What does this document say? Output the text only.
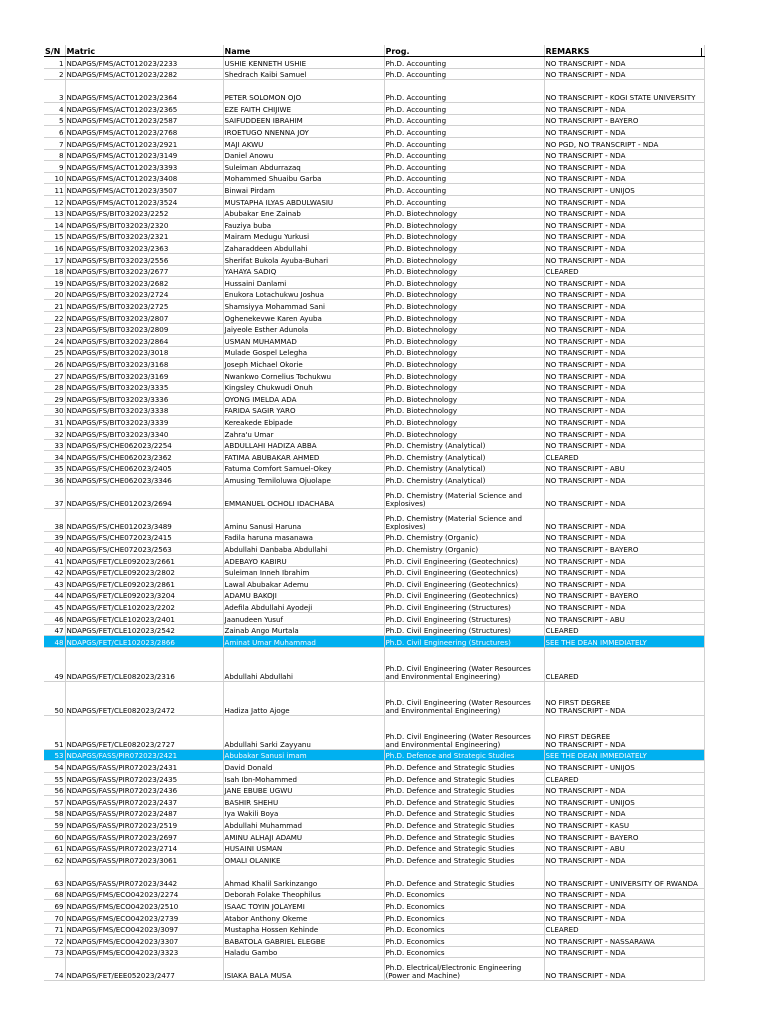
S/N	Matric	Name	Prog.	REMARKS

1	NDAPGS/FMS/ACT012023/2233	USHIE KENNETH USHIE	Ph.D. Accounting	NO TRANSCRIPT - NDA
2	NDAPGS/FMS/ACT012023/2282	Shedrach Kaibi Samuel	Ph.D. Accounting	NO TRANSCRIPT - NDA
3	NDAPGS/FMS/ACT012023/2364	PETER SOLOMON OJO	Ph.D. Accounting	NO TRANSCRIPT - KOGI STATE UNIVERSITY
4	NDAPGS/FMS/ACT012023/2365	EZE FAITH CHIJIWE	Ph.D. Accounting	NO TRANSCRIPT - NDA
5	NDAPGS/FMS/ACT012023/2587	SAIFUDDEEN IBRAHIM	Ph.D. Accounting	NO TRANSCRIPT - BAYERO
6	NDAPGS/FMS/ACT012023/2768	IROETUGO NNENNA JOY	Ph.D. Accounting	NO TRANSCRIPT - NDA
7	NDAPGS/FMS/ACT012023/2921	MAJI AKWU	Ph.D. Accounting	NO PGD, NO TRANSCRIPT - NDA
8	NDAPGS/FMS/ACT012023/3149	Daniel Anowu	Ph.D. Accounting	NO TRANSCRIPT - NDA
9	NDAPGS/FMS/ACT012023/3393	Suleiman Abdurrazaq	Ph.D. Accounting	NO TRANSCRIPT - NDA
10	NDAPGS/FMS/ACT012023/3408	Mohammed Shuaibu Garba	Ph.D. Accounting	NO TRANSCRIPT - NDA
11	NDAPGS/FMS/ACT012023/3507	Binwai Pirdam	Ph.D. Accounting	NO TRANSCRIPT - UNIJOS
12	NDAPGS/FMS/ACT012023/3524	MUSTAPHA ILYAS ABDULWASIU	Ph.D. Accounting	NO TRANSCRIPT - NDA
13	NDAPGS/FS/BIT032023/2252	Abubakar Ene Zainab	Ph.D. Biotechnology	NO TRANSCRIPT - NDA
14	NDAPGS/FS/BIT032023/2320	Fauziya buba	Ph.D. Biotechnology	NO TRANSCRIPT - NDA
15	NDAPGS/FS/BIT032023/2321	Mairam Medugu Yurkusi	Ph.D. Biotechnology	NO TRANSCRIPT - NDA
16	NDAPGS/FS/BIT032023/2363	Zaharaddeen Abdullahi	Ph.D. Biotechnology	NO TRANSCRIPT - NDA
17	NDAPGS/FS/BIT032023/2556	Sherifat Bukola Ayuba-Buhari	Ph.D. Biotechnology	NO TRANSCRIPT - NDA
18	NDAPGS/FS/BIT032023/2677	YAHAYA SADIQ	Ph.D. Biotechnology	CLEARED
19	NDAPGS/FS/BIT032023/2682	Hussaini Danlami	Ph.D. Biotechnology	NO TRANSCRIPT - NDA
20	NDAPGS/FS/BIT032023/2724	Enukora Lotachukwu Joshua	Ph.D. Biotechnology	NO TRANSCRIPT - NDA
21	NDAPGS/FS/BIT032023/2725	Shamsiyya Mohammad Sani	Ph.D. Biotechnology	NO TRANSCRIPT - NDA
22	NDAPGS/FS/BIT032023/2807	Oghenekevwe Karen Ayuba	Ph.D. Biotechnology	NO TRANSCRIPT - NDA
23	NDAPGS/FS/BIT032023/2809	Jaiyeole Esther Adunola	Ph.D. Biotechnology	NO TRANSCRIPT - NDA
24	NDAPGS/FS/BIT032023/2864	USMAN MUHAMMAD	Ph.D. Biotechnology	NO TRANSCRIPT - NDA
25	NDAPGS/FS/BIT032023/3018	Mulade Gospel Lelegha	Ph.D. Biotechnology	NO TRANSCRIPT - NDA
26	NDAPGS/FS/BIT032023/3168	Joseph Michael Okorie	Ph.D. Biotechnology	NO TRANSCRIPT - NDA
27	NDAPGS/FS/BIT032023/3169	Nwankwo Cornelius Tochukwu	Ph.D. Biotechnology	NO TRANSCRIPT - NDA
28	NDAPGS/FS/BIT032023/3335	Kingsley Chukwudi Onuh	Ph.D. Biotechnology	NO TRANSCRIPT - NDA
29	NDAPGS/FS/BIT032023/3336	OYONG IMELDA ADA	Ph.D. Biotechnology	NO TRANSCRIPT - NDA
30	NDAPGS/FS/BIT032023/3338	FARIDA SAGIR YARO	Ph.D. Biotechnology	NO TRANSCRIPT - NDA
31	NDAPGS/FS/BIT032023/3339	Kereakede Ebipade	Ph.D. Biotechnology	NO TRANSCRIPT - NDA
32	NDAPGS/FS/BIT032023/3340	Zahra'u Umar	Ph.D. Biotechnology	NO TRANSCRIPT - NDA
33	NDAPGS/FS/CHE062023/2254	ABDULLAHI HADIZA ABBA	Ph.D. Chemistry (Analytical)	NO TRANSCRIPT - NDA
34	NDAPGS/FS/CHE062023/2362	FATIMA ABUBAKAR AHMED	Ph.D. Chemistry (Analytical)	CLEARED
35	NDAPGS/FS/CHE062023/2405	Fatuma Comfort Samuel-Okey	Ph.D. Chemistry (Analytical)	NO TRANSCRIPT - ABU
36	NDAPGS/FS/CHE062023/3346	Amusing Temiloluwa Ojuolape	Ph.D. Chemistry (Analytical)	NO TRANSCRIPT - NDA
37	NDAPGS/FS/CHE012023/2694	EMMANUEL OCHOLI IDACHABA	Ph.D. Chemistry (Material Science and Explosives)	NO TRANSCRIPT - NDA
38	NDAPGS/FS/CHE012023/3489	Aminu Sanusi Haruna	Ph.D. Chemistry (Material Science and Explosives)	NO TRANSCRIPT - NDA
39	NDAPGS/FS/CHE072023/2415	Fadila haruna masanawa	Ph.D. Chemistry (Organic)	NO TRANSCRIPT - NDA
40	NDAPGS/FS/CHE072023/2563	Abdullahi Danbaba Abdullahi	Ph.D. Chemistry (Organic)	NO TRANSCRIPT - BAYERO
41	NDAPGS/FET/CLE092023/2661	ADEBAYO KABIRU	Ph.D. Civil Engineering (Geotechnics)	NO TRANSCRIPT - NDA
42	NDAPGS/FET/CLE092023/2802	Suleiman Inneh Ibrahim	Ph.D. Civil Engineering (Geotechnics)	NO TRANSCRIPT - NDA
43	NDAPGS/FET/CLE092023/2861	Lawal Abubakar Ademu	Ph.D. Civil Engineering (Geotechnics)	NO TRANSCRIPT - NDA
44	NDAPGS/FET/CLE092023/3204	ADAMU BAKOJI	Ph.D. Civil Engineering (Geotechnics)	NO TRANSCRIPT - BAYERO
45	NDAPGS/FET/CLE102023/2202	Adefila Abdullahi Ayodeji	Ph.D. Civil Engineering (Structures)	NO TRANSCRIPT - NDA
46	NDAPGS/FET/CLE102023/2401	Jaanudeen Yusuf	Ph.D. Civil Engineering (Structures)	NO TRANSCRIPT - ABU
47	NDAPGS/FET/CLE102023/2542	Zainab Ango Murtala	Ph.D. Civil Engineering (Structures)	CLEARED
48	NDAPGS/FET/CLE102023/2866	Aminat Umar Muhammad	Ph.D. Civil Engineering (Structures)	SEE THE DEAN IMMEDIATELY
49	NDAPGS/FET/CLE082023/2316	Abdullahi Abdullahi	Ph.D. Civil Engineering (Water Resources and Environmental Engineering)	CLEARED
50	NDAPGS/FET/CLE082023/2472	Hadiza Jatto Ajoge	Ph.D. Civil Engineering (Water Resources and Environmental Engineering)	NO FIRST DEGREE
NO TRANSCRIPT - NDA
51	NDAPGS/FET/CLE082023/2727	Abdullahi Sarki Zayyanu	Ph.D. Civil Engineering (Water Resources and Environmental Engineering)	NO FIRST DEGREE
NO TRANSCRIPT - NDA
53	NDAPGS/FASS/PIR072023/2421	Abubakar Sanusi imam	Ph.D. Defence and Strategic Studies	SEE THE DEAN IMMEDIATELY
54	NDAPGS/FASS/PIR072023/2431	David Donald	Ph.D. Defence and Strategic Studies	NO TRANSCRIPT - UNIJOS
55	NDAPGS/FASS/PIR072023/2435	Isah Ibn-Mohammed	Ph.D. Defence and Strategic Studies	CLEARED
56	NDAPGS/FASS/PIR072023/2436	JANE EBUBE UGWU	Ph.D. Defence and Strategic Studies	NO TRANSCRIPT - NDA
57	NDAPGS/FASS/PIR072023/2437	BASHIR SHEHU	Ph.D. Defence and Strategic Studies	NO TRANSCRIPT - UNIJOS
58	NDAPGS/FASS/PIR072023/2487	Iya Wakili Boya	Ph.D. Defence and Strategic Studies	NO TRANSCRIPT - NDA
59	NDAPGS/FASS/PIR072023/2519	Abdullahi Muhammad	Ph.D. Defence and Strategic Studies	NO TRANSCRIPT - KASU
60	NDAPGS/FASS/PIR072023/2697	AMINU ALHAJI ADAMU	Ph.D. Defence and Strategic Studies	NO TRANSCRIPT - BAYERO
61	NDAPGS/FASS/PIR072023/2714	HUSAINI USMAN	Ph.D. Defence and Strategic Studies	NO TRANSCRIPT - ABU
62	NDAPGS/FASS/PIR072023/3061	OMALI OLANIKE	Ph.D. Defence and Strategic Studies	NO TRANSCRIPT - NDA
63	NDAPGS/FASS/PIR072023/3442	Ahmad Khalil Sarkinzango	Ph.D. Defence and Strategic Studies	NO TRANSCRIPT - UNIVERSITY OF RWANDA
68	NDAPGS/FMS/ECO042023/2274	Deborah Folake Theophilus	Ph.D. Economics	NO TRANSCRIPT - NDA
69	NDAPGS/FMS/ECO042023/2510	ISAAC TOYIN JOLAYEMI	Ph.D. Economics	NO TRANSCRIPT - NDA
70	NDAPGS/FMS/ECO042023/2739	Atabor Anthony Okeme	Ph.D. Economics	NO TRANSCRIPT - NDA
71	NDAPGS/FMS/ECO042023/3097	Mustapha Hossen Kehinde	Ph.D. Economics	CLEARED
72	NDAPGS/FMS/ECO042023/3307	BABATOLA GABRIEL ELEGBE	Ph.D. Economics	NO TRANSCRIPT - NASSARAWA
73	NDAPGS/FMS/ECO042023/3323	Haladu Gambo	Ph.D. Economics	NO TRANSCRIPT - NDA
74	NDAPGS/FET/EEE052023/2477	ISIAKA BALA MUSA	Ph.D. Electrical/Electronic Engineering (Power and Machine)	NO TRANSCRIPT - NDA
